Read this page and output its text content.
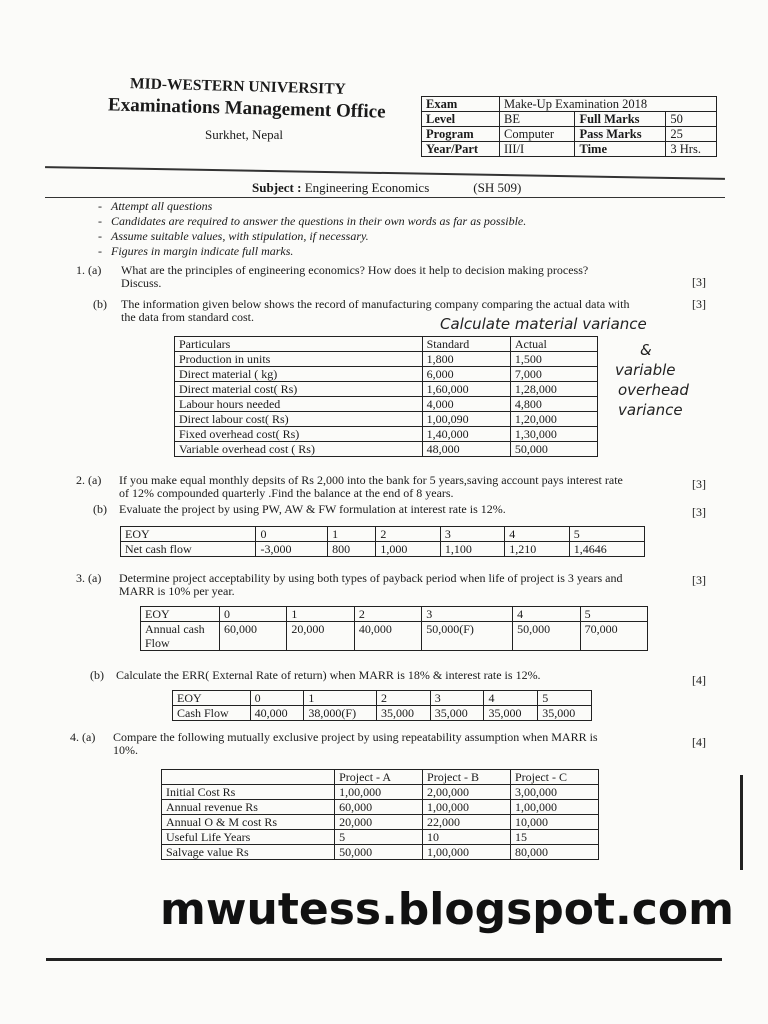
MID-WESTERN UNIVERSITY
Examinations Management Office
Surkhet, Nepal
Exam	Make-Up Examination 2018		
Level	BE	Full Marks	50
Program	Computer	Pass Marks	25
Year/Part	III/I	Time	3 Hrs.
Subject : Engineering Economics	(SH 509)
-   Attempt all questions
-   Candidates are required to answer the questions in their own words as far as possible.
-   Assume suitable values, with stipulation, if necessary.
-   Figures in margin indicate full marks.
1. (a) What are the principles of engineering economics? How does it help to decision making process?
Discuss.	[3]
(b) The information given below shows the record of manufacturing company comparing the actual data with
the data from standard cost.
[3]
Particulars	Standard	Actual
Production in units	1,800	1,500
Direct material ( kg)	6,000	7,000
Direct material cost( Rs)	1,60,000	1,28,000
Labour hours needed	4,000	4,800
Direct labour cost( Rs)	1,00,090	1,20,000
Fixed overhead cost( Rs)	1,40,000	1,30,000
Variable overhead cost ( Rs)	48,000	50,000
Calculate material variance
&
variable
overhead
variance
2. (a) If you make equal monthly depsits of Rs 2,000 into the bank for 5 years,saving account pays interest rate
of 12% compounded quarterly .Find the balance at the end of 8 years.
[3]
(b) Evaluate the project by using PW, AW & FW formulation at interest rate is 12%.	[3]
EOY	0	1	2	3	4	5
Net cash flow	-3,000	800	1,000	1,100	1,210	1,4646
3. (a) Determine project acceptability by using both types of payback period when life of project is 3 years and
MARR is 10% per year.
[3]
EOY	0	1	2	3	4	5
Annual cash Flow	60,000	20,000	40,000	50,000(F)	50,000	70,000
(b) Calculate the ERR( External Rate of return) when MARR is 18% & interest rate is 12%.	[4]
EOY	0	1	2	3	4	5
Cash Flow	40,000	38,000(F)	35,000	35,000	35,000	35,000
4. (a) Compare the following mutually exclusive project by using repeatability assumption when MARR is
10%.
[4]
	Project - A	Project - B	Project - C
Initial Cost Rs	1,00,000	2,00,000	3,00,000
Annual revenue Rs	60,000	1,00,000	1,00,000
Annual O & M cost Rs	20,000	22,000	10,000
Useful Life Years	5	10	15
Salvage value Rs	50,000	1,00,000	80,000
mwutess.blogspot.com
